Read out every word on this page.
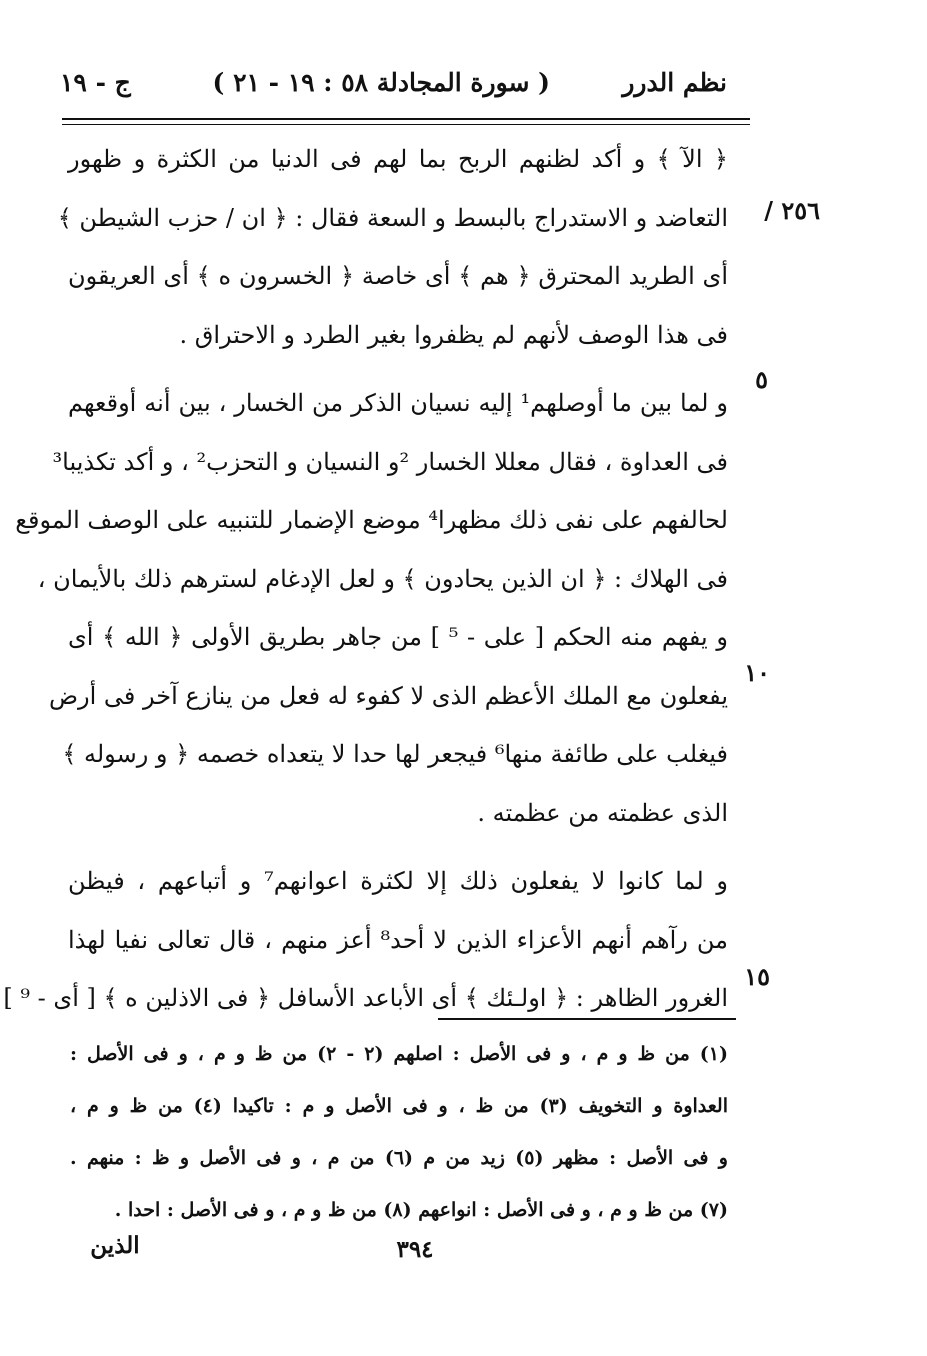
نظم الدرر
( سورة المجادلة ٥٨ : ١٩ - ٢١ )
ج - ١٩
٢٥٦ /
٥
١٠
١٥
﴿ الآ ﴾ و أكد لظنهم الربح بما لهم فى الدنيا من الكثرة و ظهور
التعاضد و الاستدراج بالبسط و السعة فقال : ﴿ ان / حزب الشيطن ﴾
أى الطريد المحترق ﴿ هم ﴾ أى خاصة ﴿ الخسرون ه ﴾ أى العريقون
فى هذا الوصف لأنهم لم يظفروا بغير الطرد و الاحتراق .
و لما بين ما أوصلهم¹ إليه نسيان الذكر من الخسار ، بين أنه أوقعهم
فى العداوة ، فقال معللا الخسار ²و النسيان و التحزب² ، و أكد تكذيبا³
لحالفهم على نفى ذلك مظهرا⁴ موضع الإضمار للتنبيه على الوصف الموقع
فى الهلاك : ﴿ ان الذين يحادون ﴾ و لعل الإدغام لسترهم ذلك بالأيمان ،
و يفهم منه الحكم [ على - ⁵ ] من جاهر بطريق الأولى ﴿ الله ﴾ أى
يفعلون مع الملك الأعظم الذى لا كفوء له فعل من ينازع آخر فى أرض
فيغلب على طائفة منها⁶ فيجعر لها حدا لا يتعداه خصمه ﴿ و رسوله ﴾
الذى عظمته من عظمته .
و لما كانوا لا يفعلون ذلك إلا لكثرة اعوانهم⁷ و أتباعهم ، فيظن
من رآهم أنهم الأعزاء الذين لا أحد⁸ أعز منهم ، قال تعالى نفيا لهذا
الغرور الظاهر : ﴿ اولـئك ﴾ أى الأباعد الأسافل ﴿ فى الاذلين ه ﴾ [ أى - ⁹ ]
(١) من ظ و م ، و فى الأصل : اصلهم (٢ - ٢) من ظ و م ، و فى الأصل :
العداوة و التخويف (٣) من ظ ، و فى الأصل و م : تاكيدا (٤) من ظ و م ،
و فى الأصل : مظهر (٥) زيد من م (٦) من م ، و فى الأصل و ظ : منهم .
(٧) من ظ و م ، و فى الأصل : انواعهم (٨) من ظ و م ، و فى الأصل : احدا .
٣٩٤
الذين
